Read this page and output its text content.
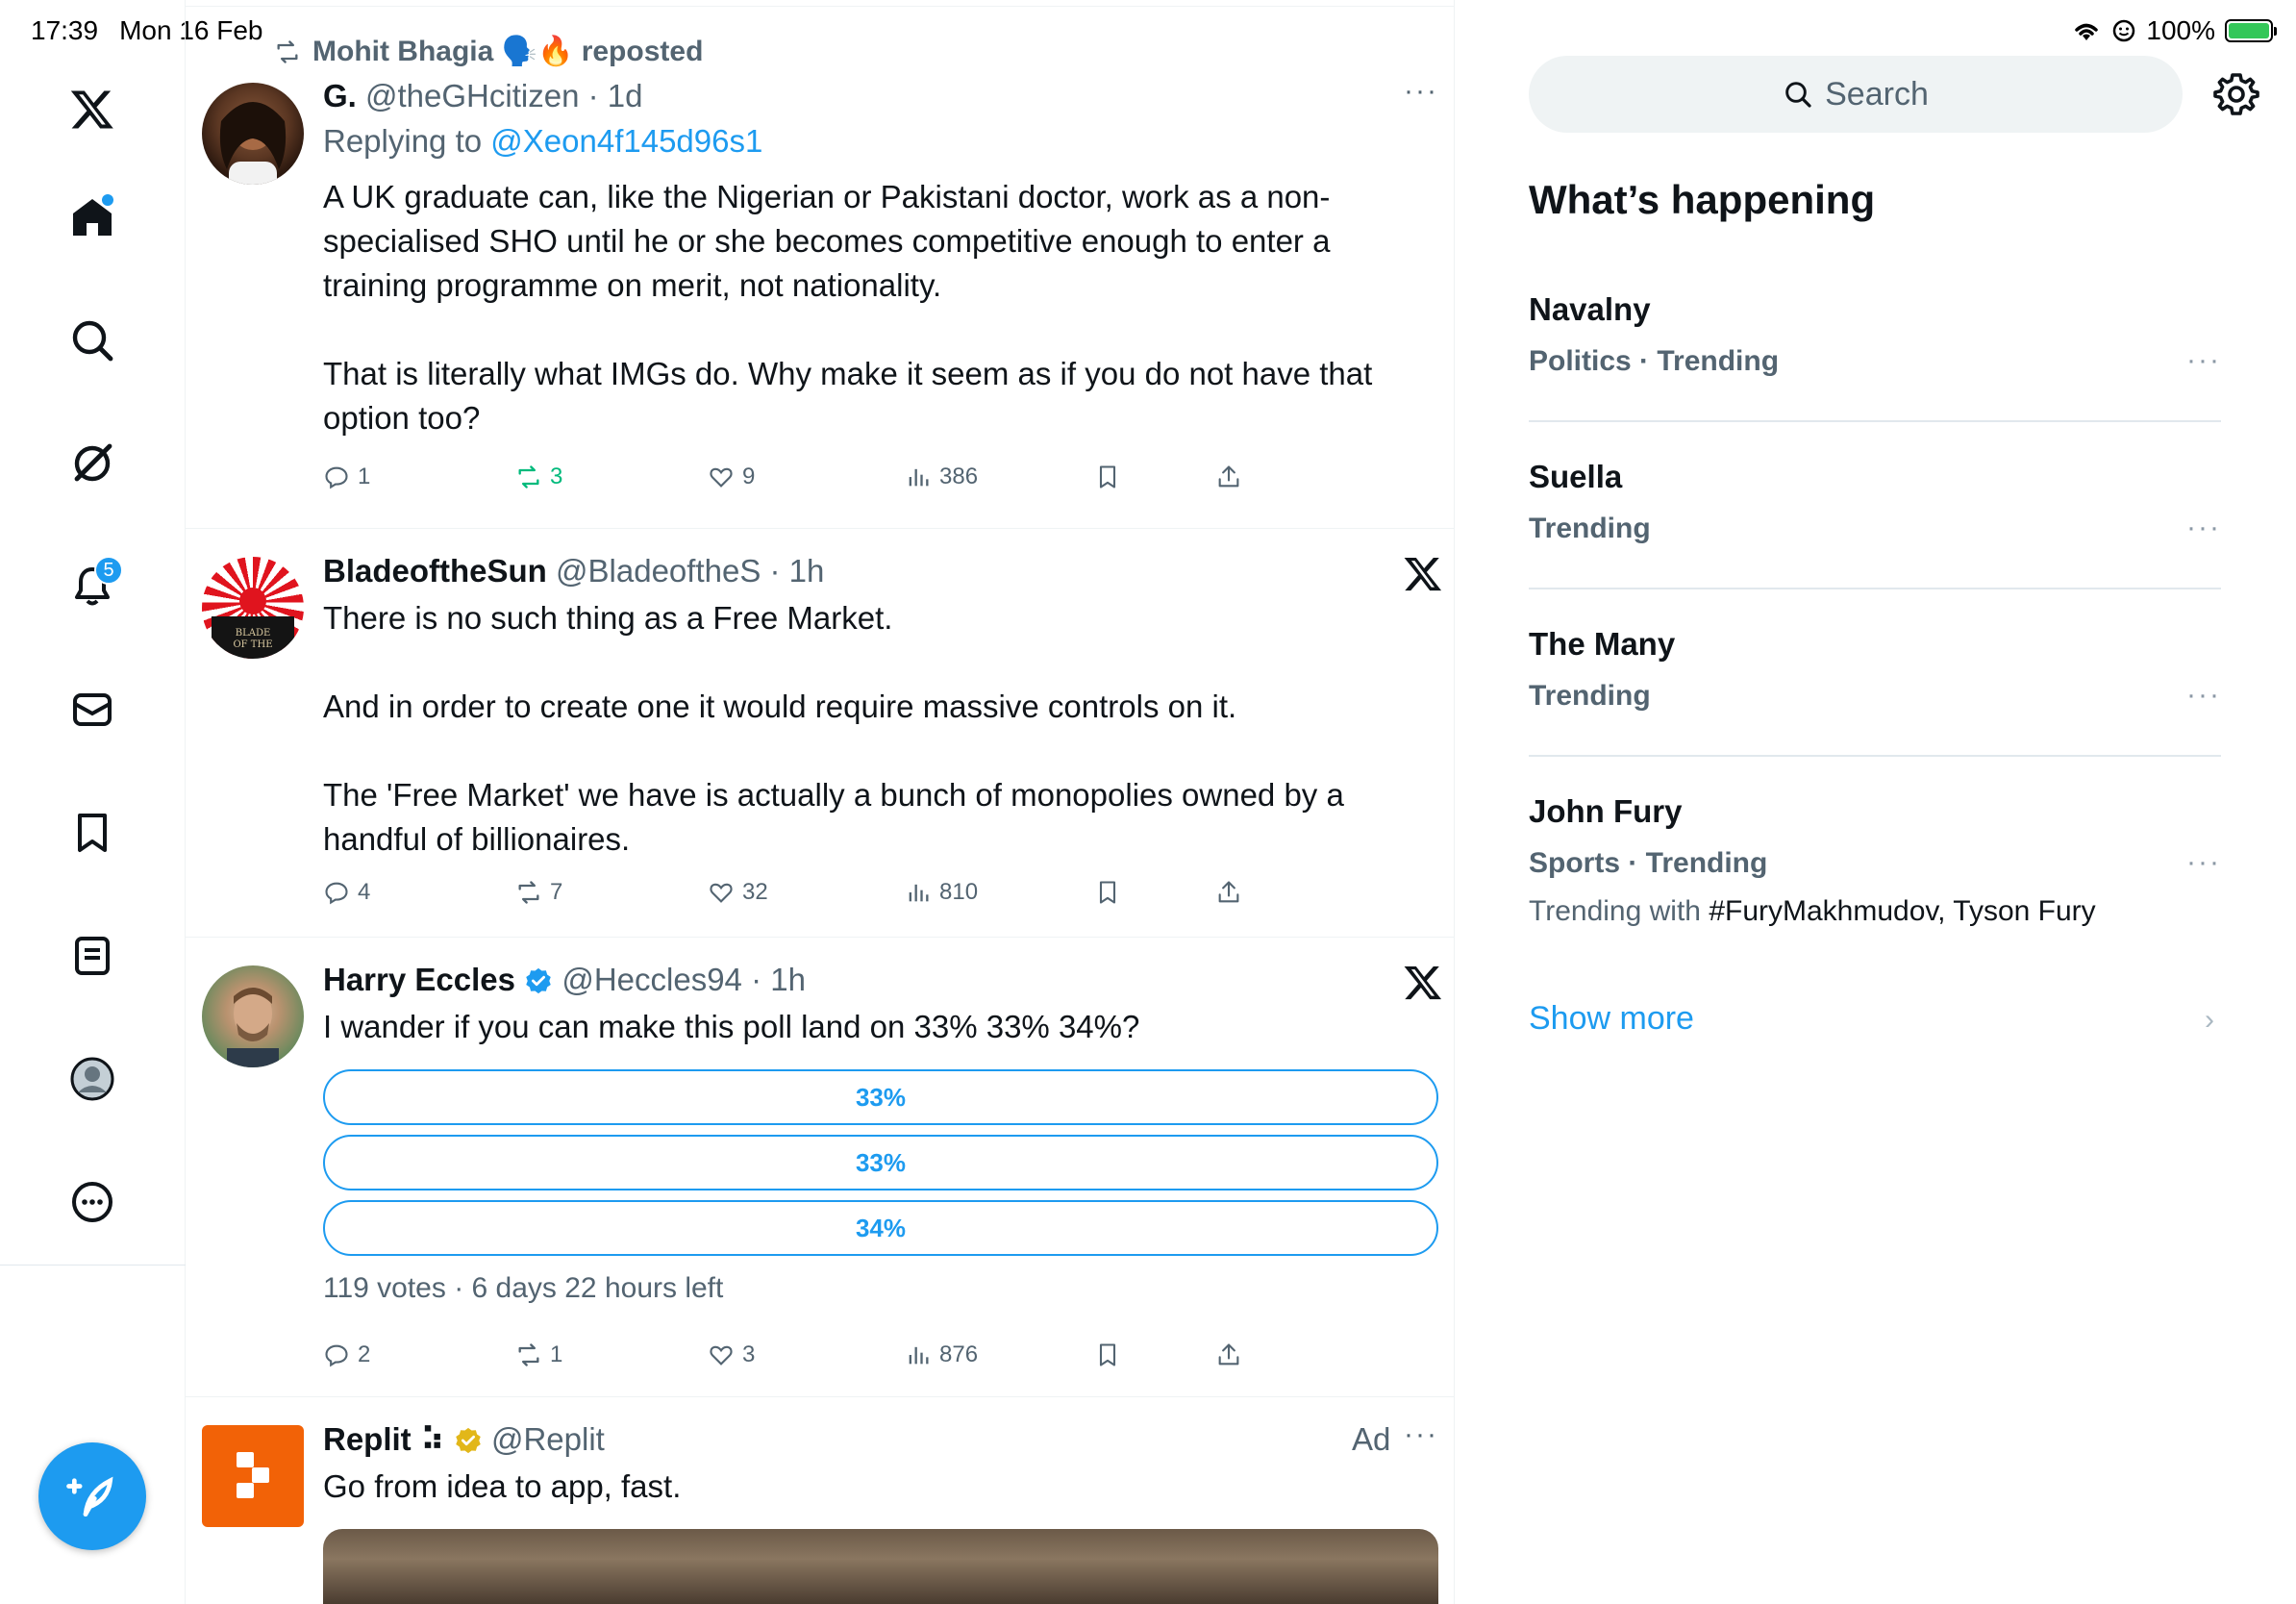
17:39 Mon 16 Feb	100%
5
Mohit Bhagia 🗣️🔥 reposted
G. @theGHcitizen · 1d
Replying to @Xeon4f145d96s1
A UK graduate can, like the Nigerian or Pakistani doctor, work as a non-specialised SHO until he or she becomes competitive enough to enter a training programme on merit, not nationality.

That is literally what IMGs do. Why make it seem as if you do not have that option too?
···
1	3	9	386
BLADE
OF THE
BladeoftheSun @BladeoftheS · 1h
There is no such thing as a Free Market.

And in order to create one it would require massive controls on it.

The 'Free Market' we have is actually a bunch of monopolies owned by a handful of billionaires.
4	7	32	810
Harry Eccles @Heccles94 · 1h
I wander if you can make this poll land on 33% 33% 34%?
33%
33%
34%
119 votes · 6 days 22 hours left
2	1	3	876
Replit ⠵ @Replit
Go from idea to app, fast.
Ad ···
Search
What’s happening
Navalny
Politics · Trending	···
Suella
Trending	···
The Many
Trending	···
John Fury
Sports · Trending
Trending with #FuryMakhmudov, Tyson Fury
···
Show more	›
